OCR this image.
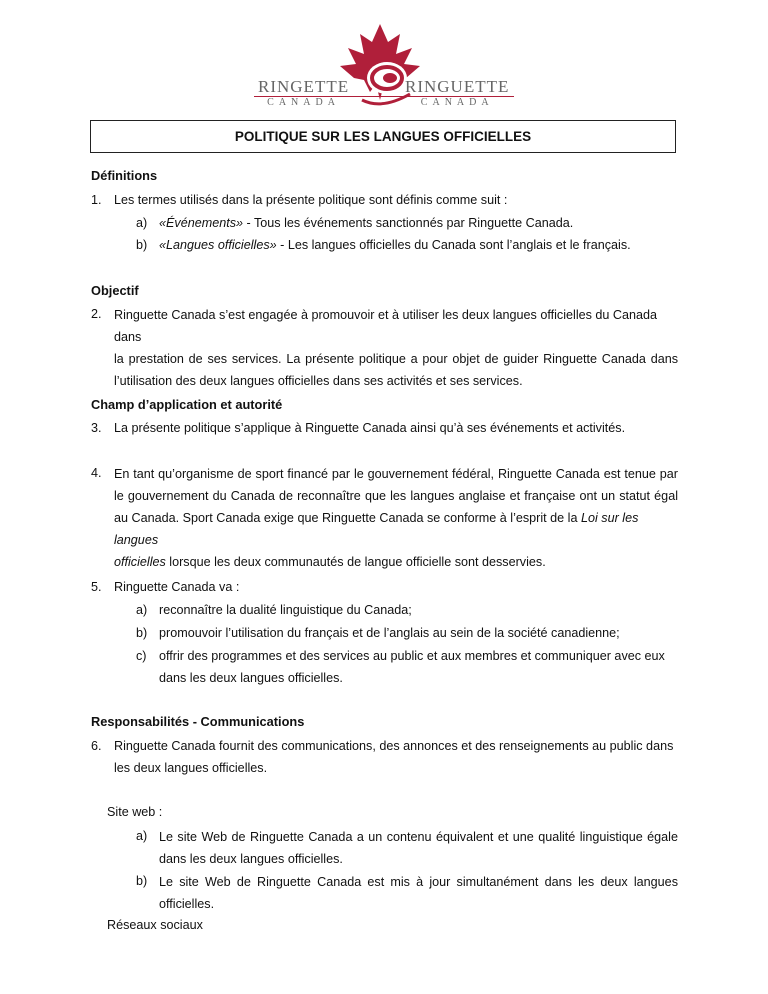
RINGETTE
CANADA
RINGUETTE
CANADA
POLITIQUE SUR LES LANGUES OFFICIELLES
Définitions
1. Les termes utilisés dans la présente politique sont définis comme suit :
a) «Événements» - Tous les événements sanctionnés par Ringuette Canada.
b) «Langues officielles» - Les langues officielles du Canada sont l’anglais et le français.
Objectif
2. Ringuette Canada s’est engagée à promouvoir et à utiliser les deux langues officielles du Canada dans
la prestation de ses services. La présente politique a pour objet de guider Ringuette Canada dans
l’utilisation des deux langues officielles dans ses activités et ses services.
Champ d’application et autorité
3. La présente politique s’applique à Ringuette Canada ainsi qu’à ses événements et activités.
4. En tant qu’organisme de sport financé par le gouvernement fédéral, Ringuette Canada est tenue par
le gouvernement du Canada de reconnaître que les langues anglaise et française ont un statut égal
au Canada. Sport Canada exige que Ringuette Canada se conforme à l’esprit de la Loi sur les langues
officielles lorsque les deux communautés de langue officielle sont desservies.
5. Ringuette Canada va :
a) reconnaître la dualité linguistique du Canada;
b) promouvoir l’utilisation du français et de l’anglais au sein de la société canadienne;
c) offrir des programmes et des services au public et aux membres et communiquer avec eux
dans les deux langues officielles.
Responsabilités - Communications
6. Ringuette Canada fournit des communications, des annonces et des renseignements au public dans
les deux langues officielles.
Site web :
a) Le site Web de Ringuette Canada a un contenu équivalent et une qualité linguistique égale
dans les deux langues officielles.
b) Le site Web de Ringuette Canada est mis à jour simultanément dans les deux langues
officielles.
Réseaux sociaux
